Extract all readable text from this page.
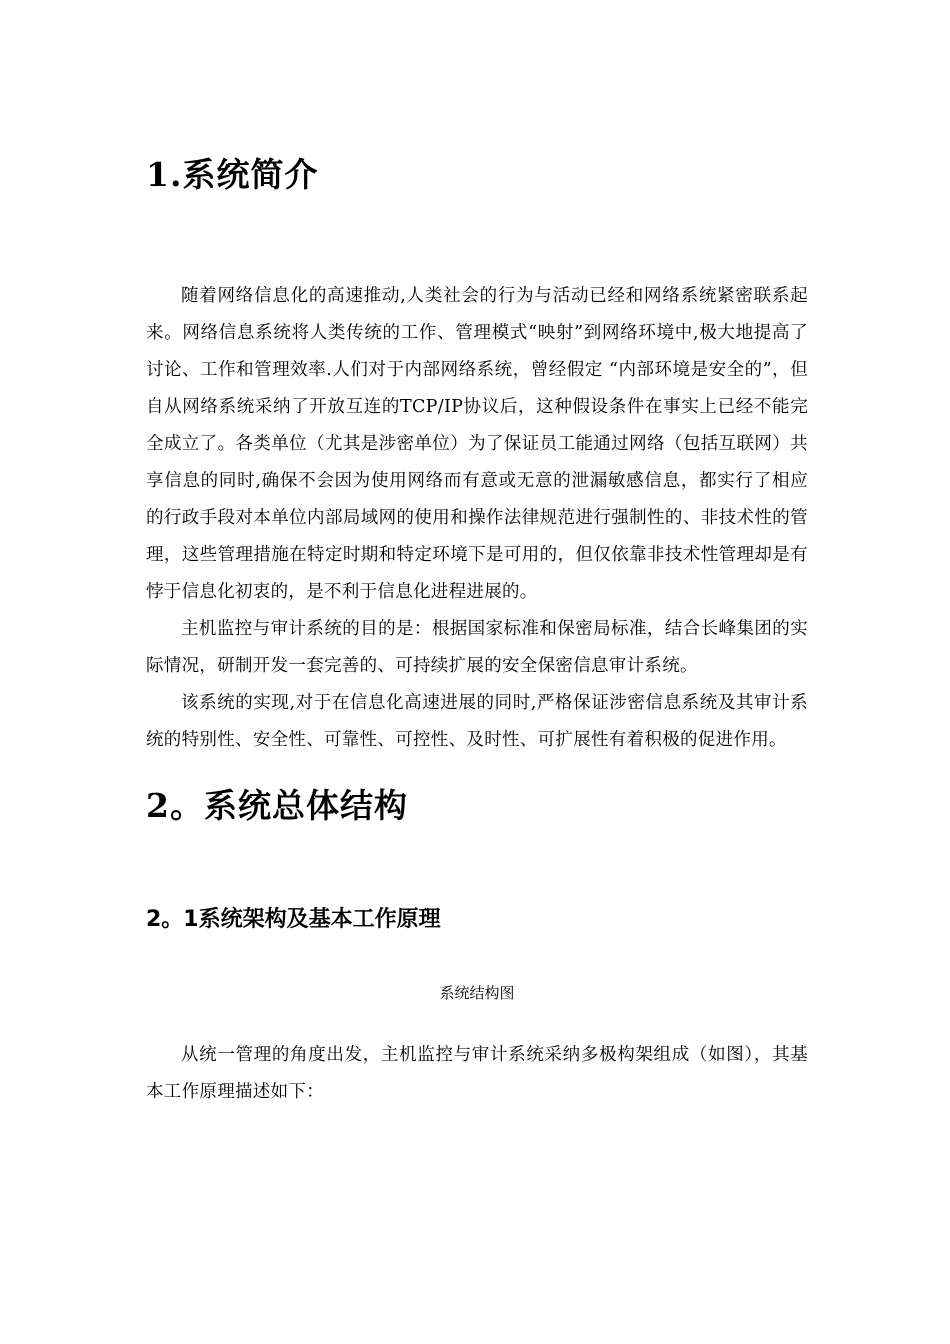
1.系统简介

随着网络信息化的高速推动,人类社会的行为与活动已经和网络系统紧密联系起来。网络信息系统将人类传统的工作、管理模式“映射”到网络环境中,极大地提高了讨论、工作和管理效率.人们对于内部网络系统，曾经假定 “内部环境是安全的”，但自从网络系统采纳了开放互连的TCP/IP协议后，这种假设条件在事实上已经不能完全成立了。各类单位（尤其是涉密单位）为了保证员工能通过网络（包括互联网）共享信息的同时,确保不会因为使用网络而有意或无意的泄漏敏感信息，都实行了相应的行政手段对本单位内部局域网的使用和操作法律规范进行强制性的、非技术性的管理，这些管理措施在特定时期和特定环境下是可用的，但仅依靠非技术性管理却是有悖于信息化初衷的，是不利于信息化进程进展的。

主机监控与审计系统的目的是：根据国家标准和保密局标准，结合长峰集团的实际情况，研制开发一套完善的、可持续扩展的安全保密信息审计系统。

该系统的实现,对于在信息化高速进展的同时,严格保证涉密信息系统及其审计系统的特别性、安全性、可靠性、可控性、及时性、可扩展性有着积极的促进作用。

2。系统总体结构
2。1系统架构及基本工作原理
系统结构图

从统一管理的角度出发，主机监控与审计系统采纳多极构架组成（如图），其基本工作原理描述如下：
